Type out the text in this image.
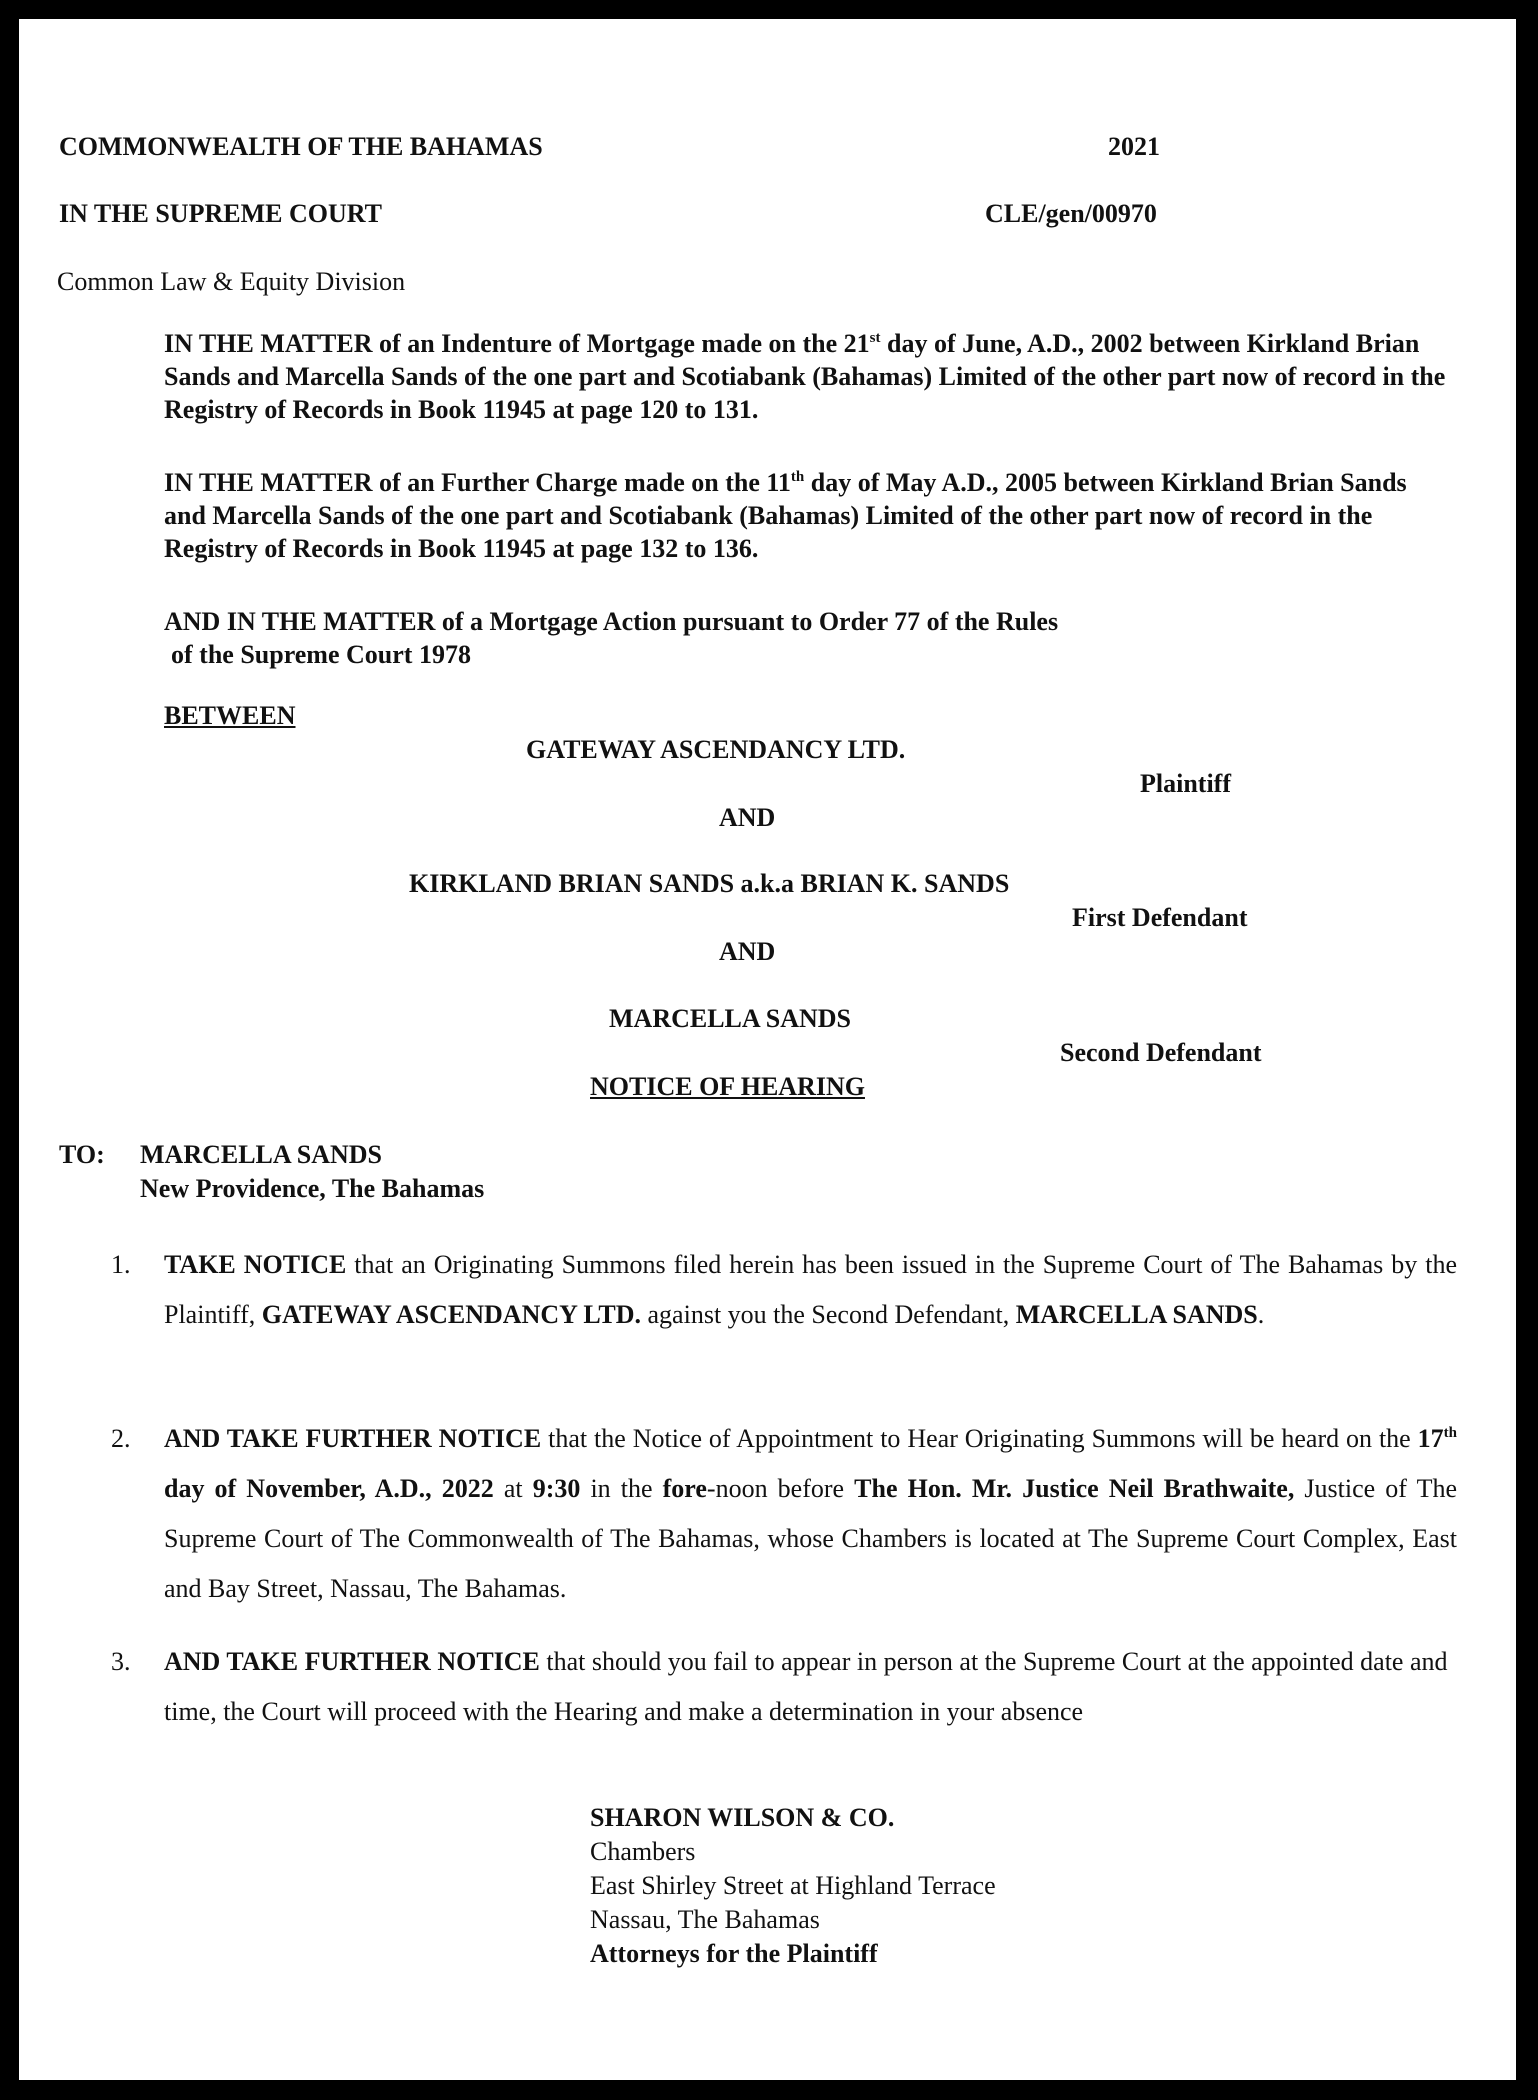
COMMONWEALTH OF THE BAHAMAS	2021
IN THE SUPREME COURT	CLE/gen/00970
Common Law & Equity Division
IN THE MATTER of an Indenture of Mortgage made on the 21st day of June, A.D., 2002 between Kirkland Brian Sands and Marcella Sands of the one part and Scotiabank (Bahamas) Limited of the other part now of record in the Registry of Records in Book 11945 at page 120 to 131.
IN THE MATTER of an Further Charge made on the 11th day of May A.D., 2005 between Kirkland Brian Sands and Marcella Sands of the one part and Scotiabank (Bahamas) Limited of the other part now of record in the Registry of Records in Book 11945 at page 132 to 136.
AND IN THE MATTER of a Mortgage Action pursuant to Order 77 of the Rules
of the Supreme Court 1978
BETWEEN
GATEWAY ASCENDANCY LTD.
Plaintiff
AND
KIRKLAND BRIAN SANDS a.k.a BRIAN K. SANDS
First Defendant
AND
MARCELLA SANDS
Second Defendant
NOTICE OF HEARING
TO: MARCELLA SANDS
New Providence, The Bahamas
1. TAKE NOTICE that an Originating Summons filed herein has been issued in the Supreme Court of The Bahamas by the Plaintiff, GATEWAY ASCENDANCY LTD. against you the Second Defendant, MARCELLA SANDS.
2. AND TAKE FURTHER NOTICE that the Notice of Appointment to Hear Originating Summons will be heard on the 17th day of November, A.D., 2022 at 9:30 in the fore-noon before The Hon. Mr. Justice Neil Brathwaite, Justice of The Supreme Court of The Commonwealth of The Bahamas, whose Chambers is located at The Supreme Court Complex, East and Bay Street, Nassau, The Bahamas.
3. AND TAKE FURTHER NOTICE that should you fail to appear in person at the Supreme Court at the appointed date and time, the Court will proceed with the Hearing and make a determination in your absence
SHARON WILSON & CO.
Chambers
East Shirley Street at Highland Terrace
Nassau, The Bahamas
Attorneys for the Plaintiff
